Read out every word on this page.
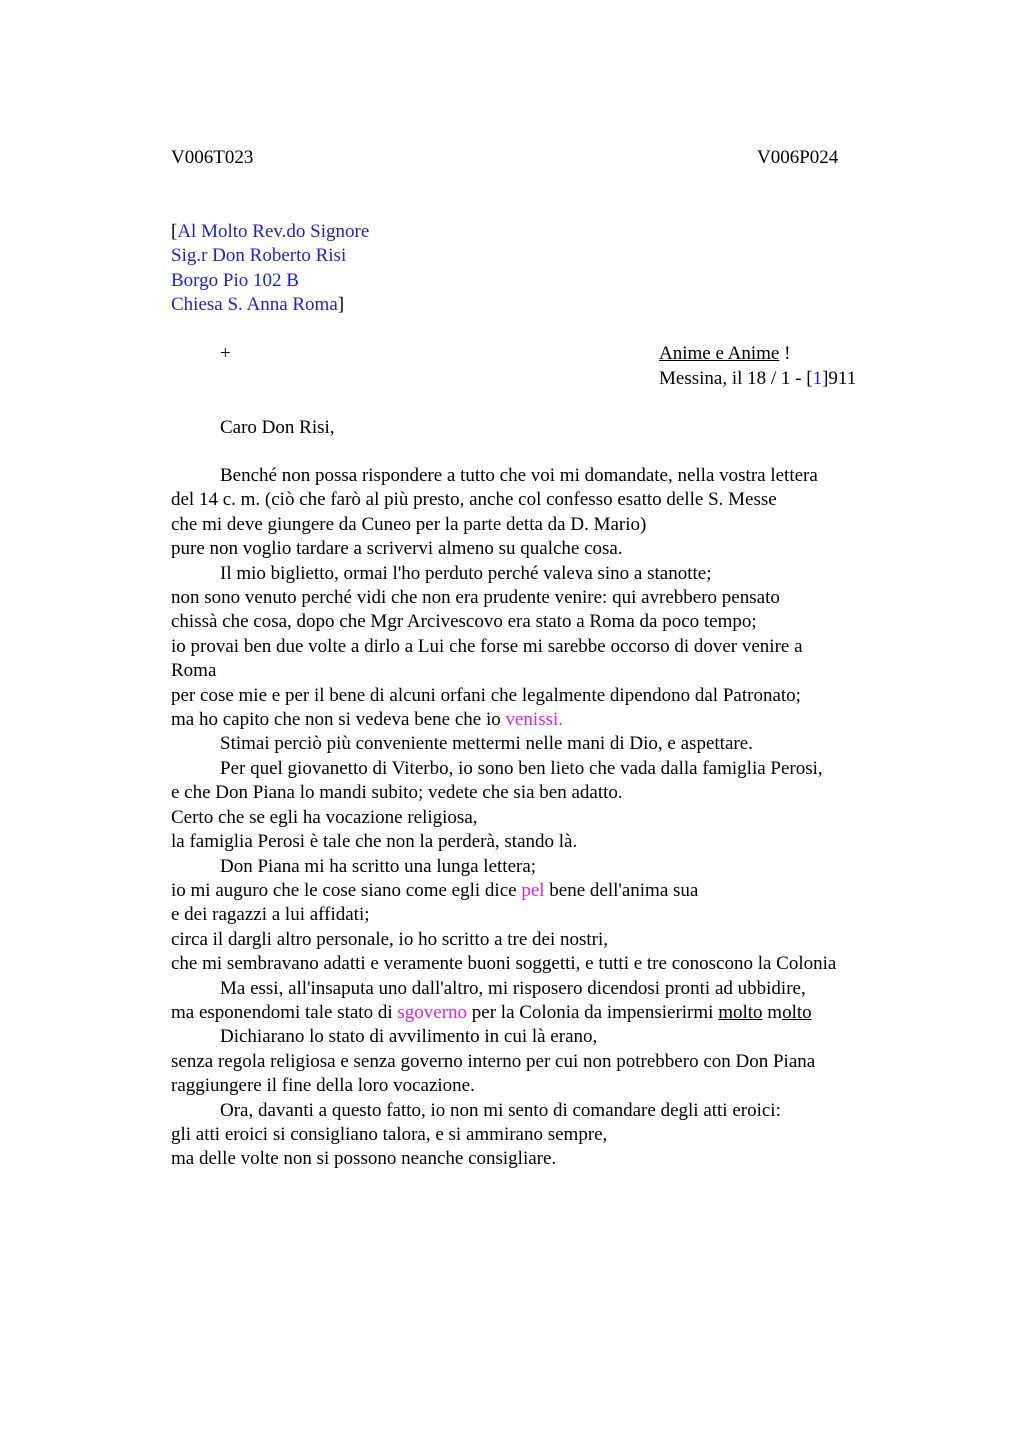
V006T023	V006P024
[Al Molto Rev.do Signore
Sig.r Don Roberto Risi
Borgo Pio 102 B
Chiesa S. Anna Roma]
+	Anime e Anime !
Messina, il 18 / 1 - [1]911
Caro Don Risi,
Benché non possa rispondere a tutto che voi mi domandate, nella vostra lettera
del 14 c. m. (ciò che farò al più presto, anche col confesso esatto delle S. Messe
che mi deve giungere da Cuneo per la parte detta da D. Mario)
pure non voglio tardare a scrivervi almeno su qualche cosa.
Il mio biglietto, ormai l'ho perduto perché valeva sino a stanotte;
non sono venuto perché vidi che non era prudente venire: qui avrebbero pensato
chissà che cosa, dopo che Mgr Arcivescovo era stato a Roma da poco tempo;
io provai ben due volte a dirlo a Lui che forse mi sarebbe occorso di dover venire a
Roma
per cose mie e per il bene di alcuni orfani che legalmente dipendono dal Patronato;
ma ho capito che non si vedeva bene che io venissi.
Stimai perciò più conveniente mettermi nelle mani di Dio, e aspettare.
Per quel giovanetto di Viterbo, io sono ben lieto che vada dalla famiglia Perosi,
e che Don Piana lo mandi subito; vedete che sia ben adatto.
Certo che se egli ha vocazione religiosa,
la famiglia Perosi è tale che non la perderà, stando là.
Don Piana mi ha scritto una lunga lettera;
io mi auguro che le cose siano come egli dice pel bene dell'anima sua
e dei ragazzi a lui affidati;
circa il dargli altro personale, io ho scritto a tre dei nostri,
che mi sembravano adatti e veramente buoni soggetti, e tutti e tre conoscono la Colonia
Ma essi, all'insaputa uno dall'altro, mi risposero dicendosi pronti ad ubbidire,
ma esponendomi tale stato di sgoverno per la Colonia da impensierirmi molto molto
Dichiarano lo stato di avvilimento in cui là erano,
senza regola religiosa e senza governo interno per cui non potrebbero con Don Piana
raggiungere il fine della loro vocazione.
Ora, davanti a questo fatto, io non mi sento di comandare degli atti eroici:
gli atti eroici si consigliano talora, e si ammirano sempre,
ma delle volte non si possono neanche consigliare.
